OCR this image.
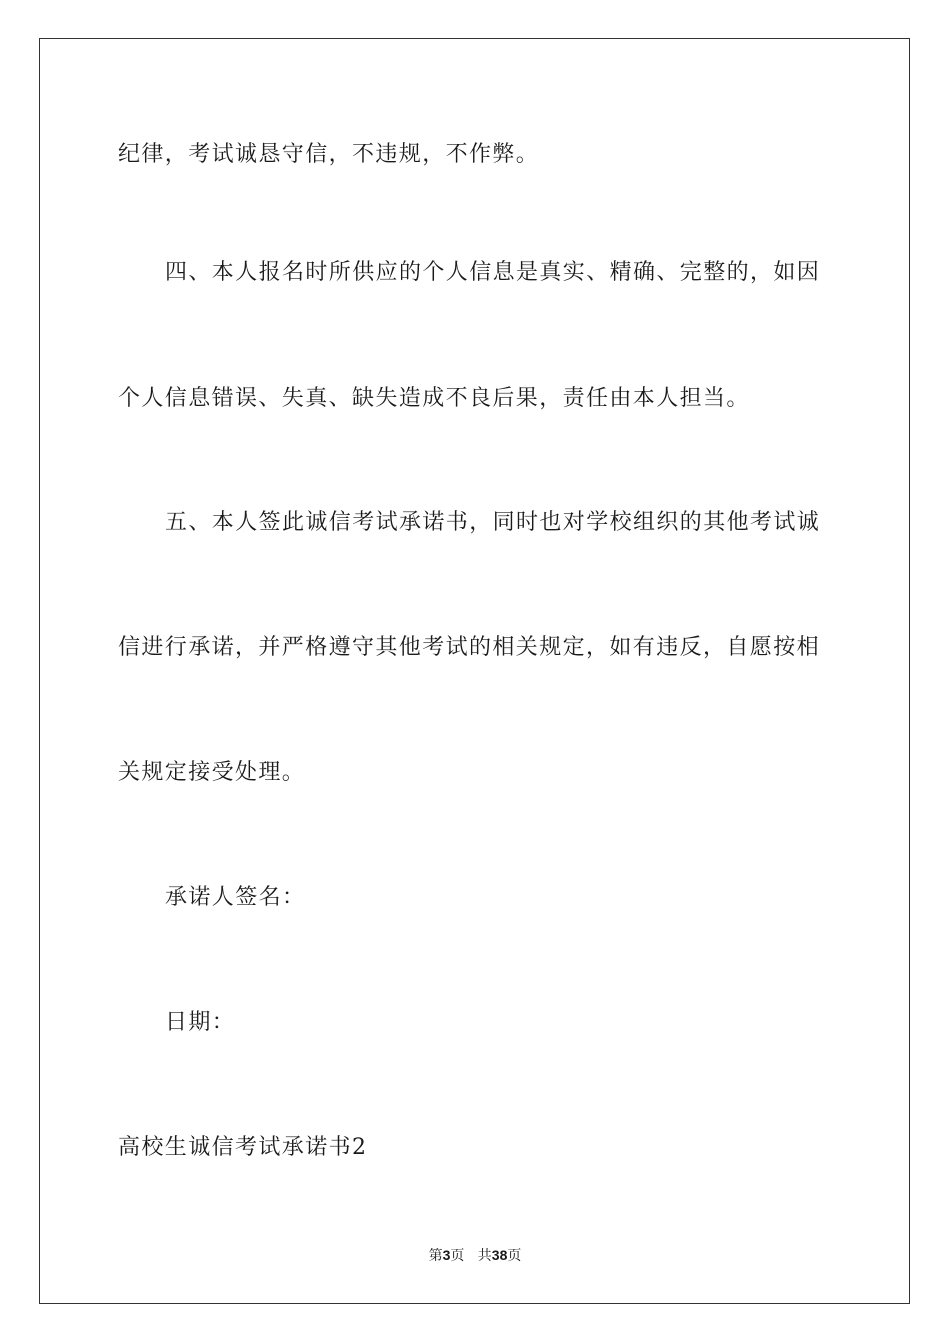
纪律，考试诚恳守信，不违规，不作弊。
四、本人报名时所供应的个人信息是真实、精确、完整的，如因
个人信息错误、失真、缺失造成不良后果，责任由本人担当。
五、本人签此诚信考试承诺书，同时也对学校组织的其他考试诚
信进行承诺，并严格遵守其他考试的相关规定，如有违反，自愿按相
关规定接受处理。
承诺人签名：
日期：
高校生诚信考试承诺书2
第3页   共38页
